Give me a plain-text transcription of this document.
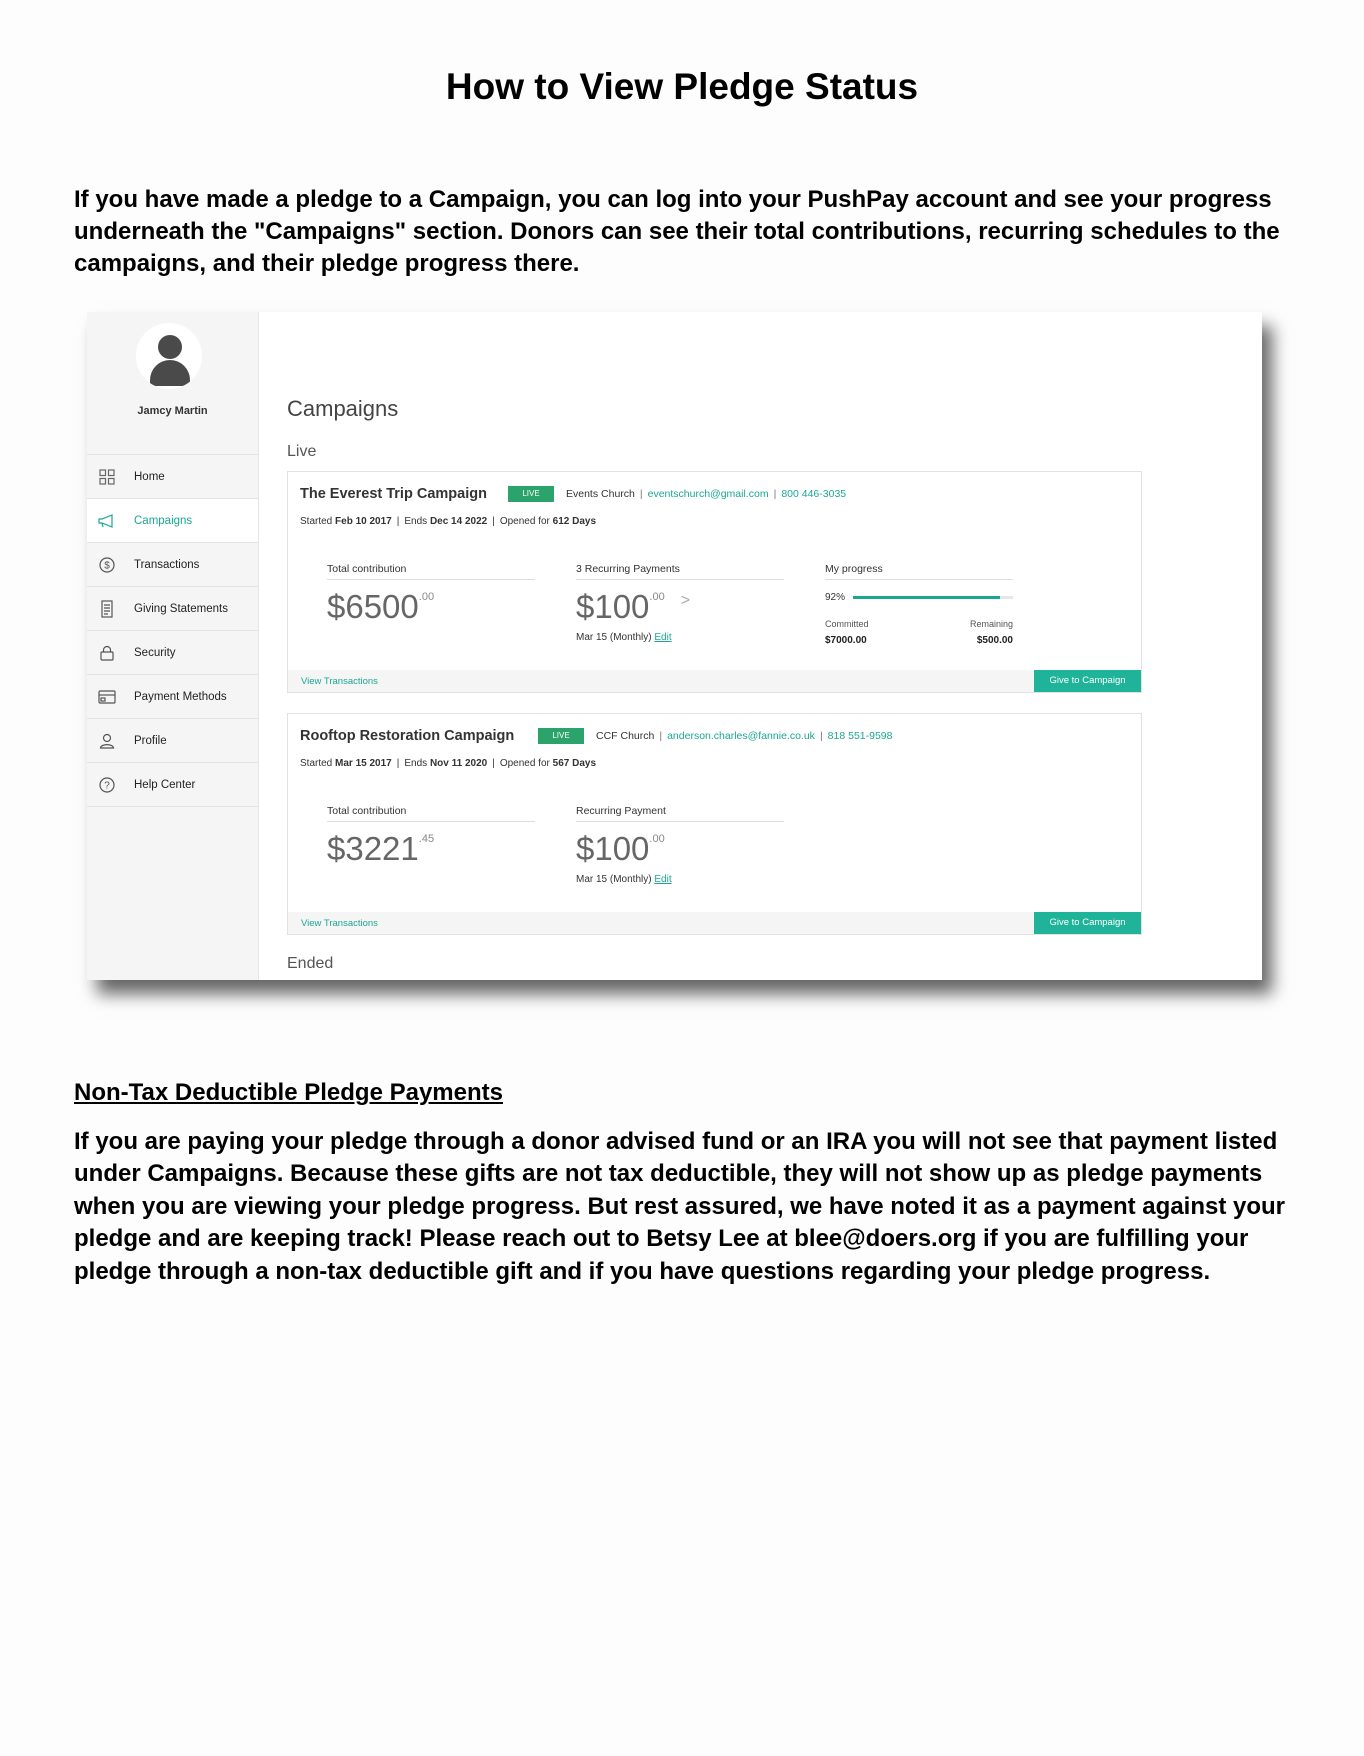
How to View Pledge Status

If you have made a pledge to a Campaign, you can log into your PushPay account and see your progress underneath the "Campaigns" section. Donors can see their total contributions, recurring schedules to the campaigns, and their pledge progress there.

Jamcy Martin
Home
Campaigns
$ Transactions
Giving Statements
Security
Payment Methods
Profile
? Help Center
Campaigns
Live
The Everest Trip Campaign	LIVE	Events Church | eventschurch@gmail.com | 800 446-3035
Started Feb 10 2017 | Ends Dec 14 2022 | Opened for 612 Days
Total contribution
$\$6500^{.00}$
3 Recurring Payments
$\$100^{.00}$ >
Mar 15 (Monthly) Edit
My progress
92%
Committed	Remaining
$7000.00	$500.00
View Transactions	Give to Campaign
Rooftop Restoration Campaign	LIVE	CCF Church | anderson.charles@fannie.co.uk | 818 551-9598
Started Mar 15 2017 | Ends Nov 11 2020 | Opened for 567 Days
Total contribution
$\$3221^{.45}$
Recurring Payment
$\$100^{.00}$
Mar 15 (Monthly) Edit
View Transactions	Give to Campaign
Ended
Non-Tax Deductible Pledge Payments

If you are paying your pledge through a donor advised fund or an IRA you will not see that payment listed under Campaigns. Because these gifts are not tax deductible, they will not show up as pledge payments when you are viewing your pledge progress. But rest assured, we have noted it as a payment against your pledge and are keeping track! Please reach out to Betsy Lee at blee@doers.org if you are fulfilling your pledge through a non-tax deductible gift and if you have questions regarding your pledge progress.
